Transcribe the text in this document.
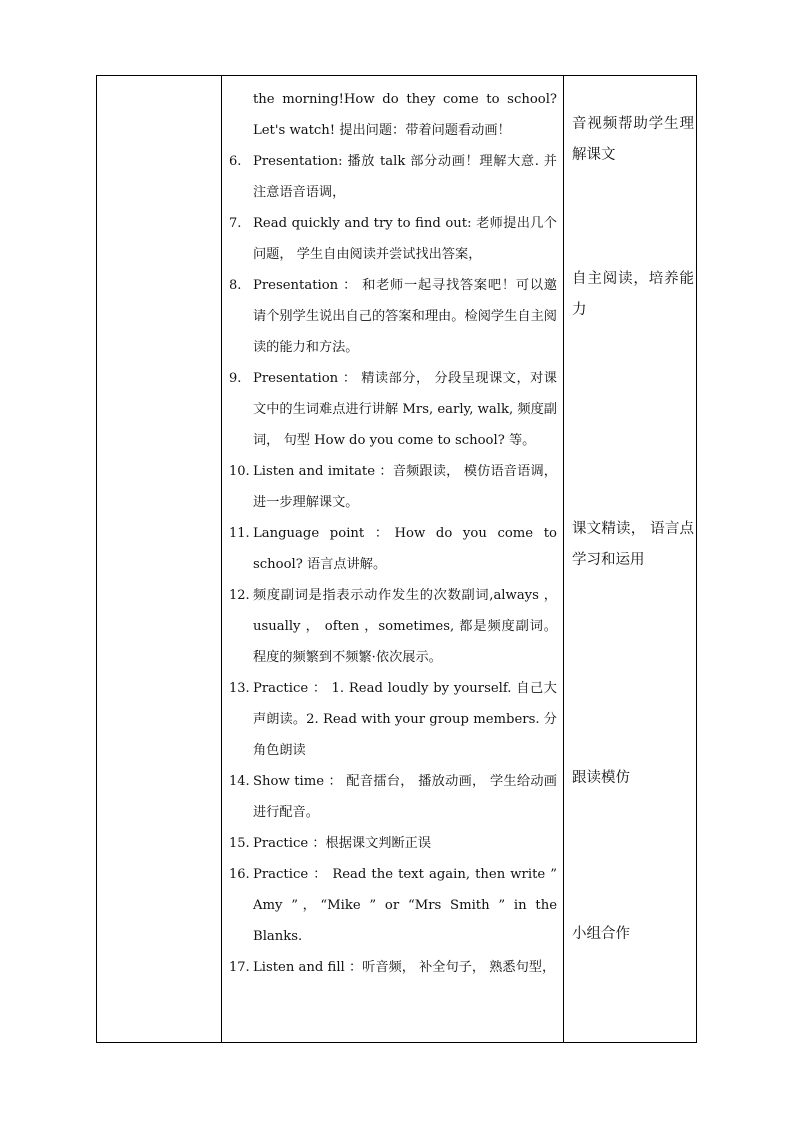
the morning!How do they come to school? Let's watch! 提出问题：带着问题看动画！
6. Presentation: 播放 talk 部分动画！理解大意. 并注意语音语调，
7. Read quickly and try to find out: 老师提出几个问题， 学生自由阅读并尝试找出答案，
8. Presentation ： 和老师一起寻找答案吧！可以邀请个别学生说出自己的答案和理由。检阅学生自主阅读的能力和方法。
9. Presentation ： 精读部分， 分段呈现课文，对课文中的生词难点进行讲解 Mrs, early, walk, 频度副词， 句型 How do you come to school? 等。
10. Listen and imitate ：音频跟读， 模仿语音语调， 进一步理解课文。
11. Language point ：How do you come to school? 语言点讲解。
12. 频度副词是指表示动作发生的次数副词,always ， usually ， often ，sometimes, 都是频度副词。程度的频繁到不频繁·依次展示。
13. Practice ： 1. Read loudly by yourself. 自己大声朗读。2. Read with your group members. 分角色朗读
14. Show time ： 配音擂台， 播放动画， 学生给动画进行配音。
15. Practice ：根据课文判断正误
16. Practice ： Read the text again, then write ” Amy ”，“Mike ” or “Mrs Smith ” in the Blanks.
17. Listen and fill ：听音频， 补全句子， 熟悉句型，
音视频帮助学生理解课文
自主阅读，培养能力
课文精读， 语言点学习和运用
跟读模仿
小组合作
